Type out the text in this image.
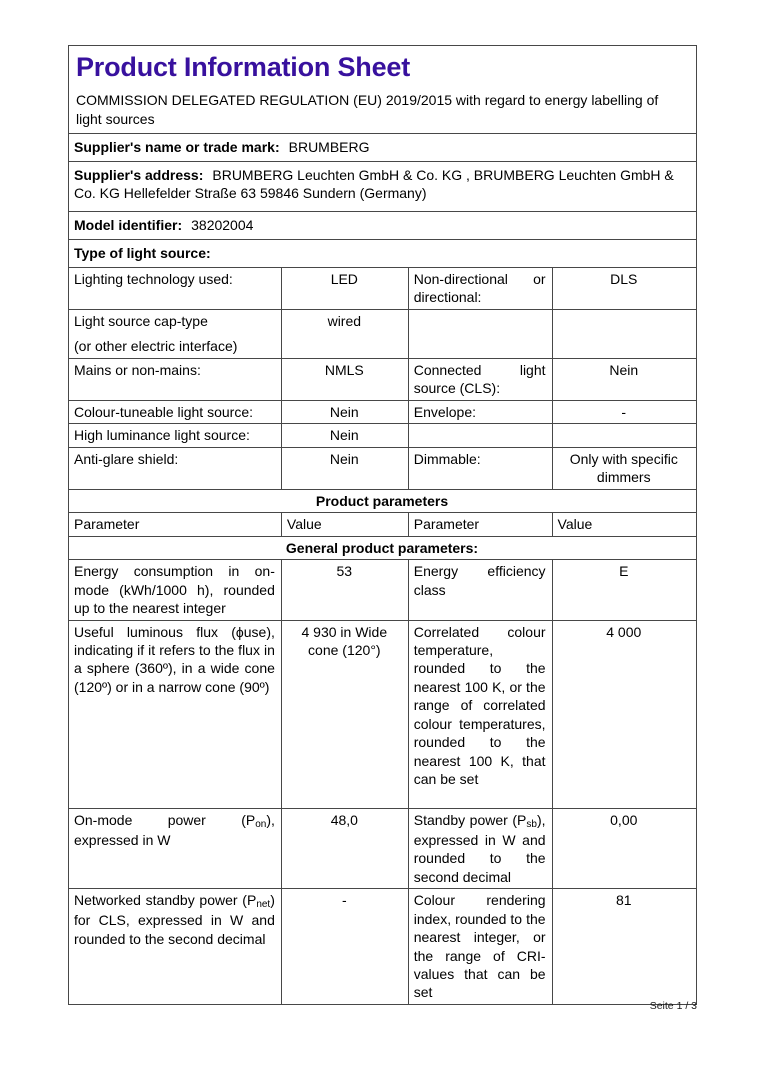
Product Information Sheet

COMMISSION DELEGATED REGULATION (EU) 2019/2015 with regard to energy labelling of light sources

Supplier's name or trade mark: BRUMBERG			
Supplier's address: BRUMBERG Leuchten GmbH & Co. KG , BRUMBERG Leuchten GmbH & Co. KG Hellefelder Straße 63 59846 Sundern (Germany)			
Model identifier: 38202004			
Type of light source:			
Lighting technology used:	LED	Non-directional or directional:	DLS

Light source cap-type
(or other electric interface)	wired		
Mains or non-mains:	NMLS	Connected light source (CLS):	Nein
Colour-tuneable light source:	Nein	Envelope:	-
High luminance light source:	Nein		
Anti-glare shield:	Nein	Dimmable:	Only with specific dimmers
Product parameters			
Parameter	Value	Parameter	Value
General product parameters:			
Energy consumption in on-mode (kWh/1000 h), rounded up to the nearest integer	53	Energy efficiency class	E
Useful luminous flux (ϕuse), indicating if it refers to the flux in a sphere (360º), in a wide cone (120º) or in a narrow cone (90º)	4 930 in Wide cone (120°)	Correlated colour temperature, rounded to the nearest 100 K, or the range of correlated colour temperatures, rounded to the nearest 100 K, that can be set	4 000
On-mode power $(P_{on})$, expressed in W	48,0	Standby power $(P_{sb})$, expressed in W and rounded to the second decimal	0,00
Networked standby power $(P_{net})$ for CLS, expressed in W and rounded to the second decimal	-	Colour rendering index, rounded to the nearest integer, or the range of CRI-values that can be set	81
Seite 1 / 3
